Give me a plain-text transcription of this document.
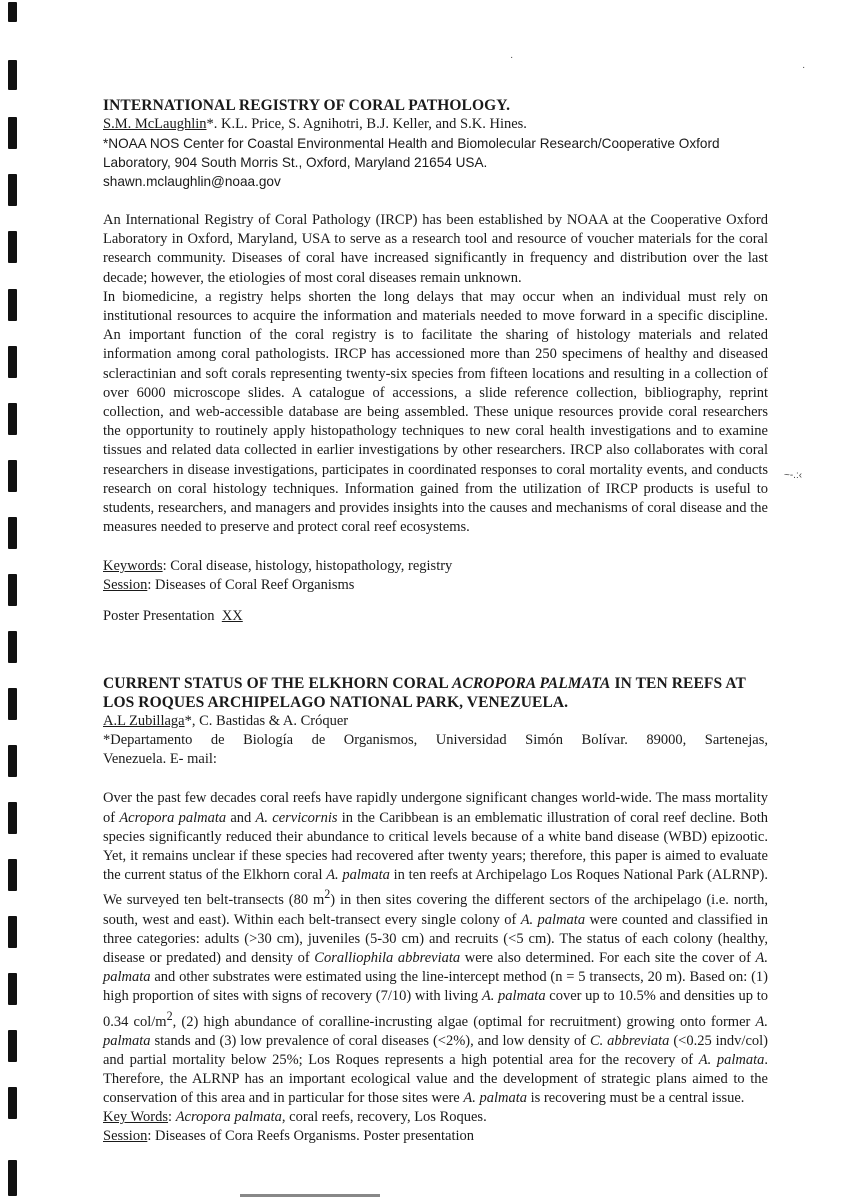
·
·
~-.:‹

INTERNATIONAL REGISTRY OF CORAL PATHOLOGY.

S.M. McLaughlin*. K.L. Price, S. Agnihotri, B.J. Keller, and S.K. Hines.

*NOAA NOS Center for Coastal Environmental Health and Biomolecular Research/Cooperative Oxford

Laboratory, 904 South Morris St., Oxford, Maryland 21654 USA.

shawn.mclaughlin@noaa.gov

An International Registry of Coral Pathology (IRCP) has been established by NOAA at the Cooperative Oxford Laboratory in Oxford, Maryland, USA to serve as a research tool and resource of voucher materials for the coral research community. Diseases of coral have increased significantly in frequency and distribution over the last decade; however, the etiologies of most coral diseases remain unknown.

In biomedicine, a registry helps shorten the long delays that may occur when an individual must rely on institutional resources to acquire the information and materials needed to move forward in a specific discipline. An important function of the coral registry is to facilitate the sharing of histology materials and related information among coral pathologists. IRCP has accessioned more than 250 specimens of healthy and diseased scleractinian and soft corals representing twenty-six species from fifteen locations and resulting in a collection of over 6000 microscope slides. A catalogue of accessions, a slide reference collection, bibliography, reprint collection, and web-accessible database are being assembled. These unique resources provide coral researchers the opportunity to routinely apply histopathology techniques to new coral health investigations and to examine tissues and related data collected in earlier investigations by other researchers. IRCP also collaborates with coral researchers in disease investigations, participates in coordinated responses to coral mortality events, and conducts research on coral histology techniques. Information gained from the utilization of IRCP products is useful to students, researchers, and managers and provides insights into the causes and mechanisms of coral disease and the measures needed to preserve and protect coral reef ecosystems.

Keywords: Coral disease, histology, histopathology, registry

Session: Diseases of Coral Reef Organisms

Poster Presentation XX

CURRENT STATUS OF THE ELKHORN CORAL ACROPORA PALMATA IN TEN REEFS AT LOS ROQUES ARCHIPELAGO NATIONAL PARK, VENEZUELA.

A.L Zubillaga*, C. Bastidas & A. Cróquer

*Departamento de Biología de Organismos, Universidad Simón Bolívar. 89000, Sartenejas,

Venezuela. E- mail:

Over the past few decades coral reefs have rapidly undergone significant changes world-wide. The mass mortality of Acropora palmata and A. cervicornis in the Caribbean is an emblematic illustration of coral reef decline. Both species significantly reduced their abundance to critical levels because of a white band disease (WBD) epizootic. Yet, it remains unclear if these species had recovered after twenty years; therefore, this paper is aimed to evaluate the current status of the Elkhorn coral A. palmata in ten reefs at Archipelago Los Roques National Park (ALRNP). We surveyed ten belt-transects (80 $m^2$) in then sites covering the different sectors of the archipelago (i.e. north, south, west and east). Within each belt-transect every single colony of A. palmata were counted and classified in three categories: adults (>30 cm), juveniles (5-30 cm) and recruits (<5 cm). The status of each colony (healthy, disease or predated) and density of Coralliophila abbreviata were also determined. For each site the cover of A. palmata and other substrates were estimated using the line-intercept method (n = 5 transects, 20 m). Based on: (1) high proportion of sites with signs of recovery (7/10) with living A. palmata cover up to 10.5% and densities up to 0.34 col/$m^2$, (2) high abundance of coralline-incrusting algae (optimal for recruitment) growing onto former A. palmata stands and (3) low prevalence of coral diseases (<2%), and low density of C. abbreviata (<0.25 indv/col) and partial mortality below 25%; Los Roques represents a high potential area for the recovery of A. palmata. Therefore, the ALRNP has an important ecological value and the development of strategic plans aimed to the conservation of this area and in particular for those sites were A. palmata is recovering must be a central issue.

Key Words: Acropora palmata, coral reefs, recovery, Los Roques.

Session: Diseases of Cora Reefs Organisms. Poster presentation
